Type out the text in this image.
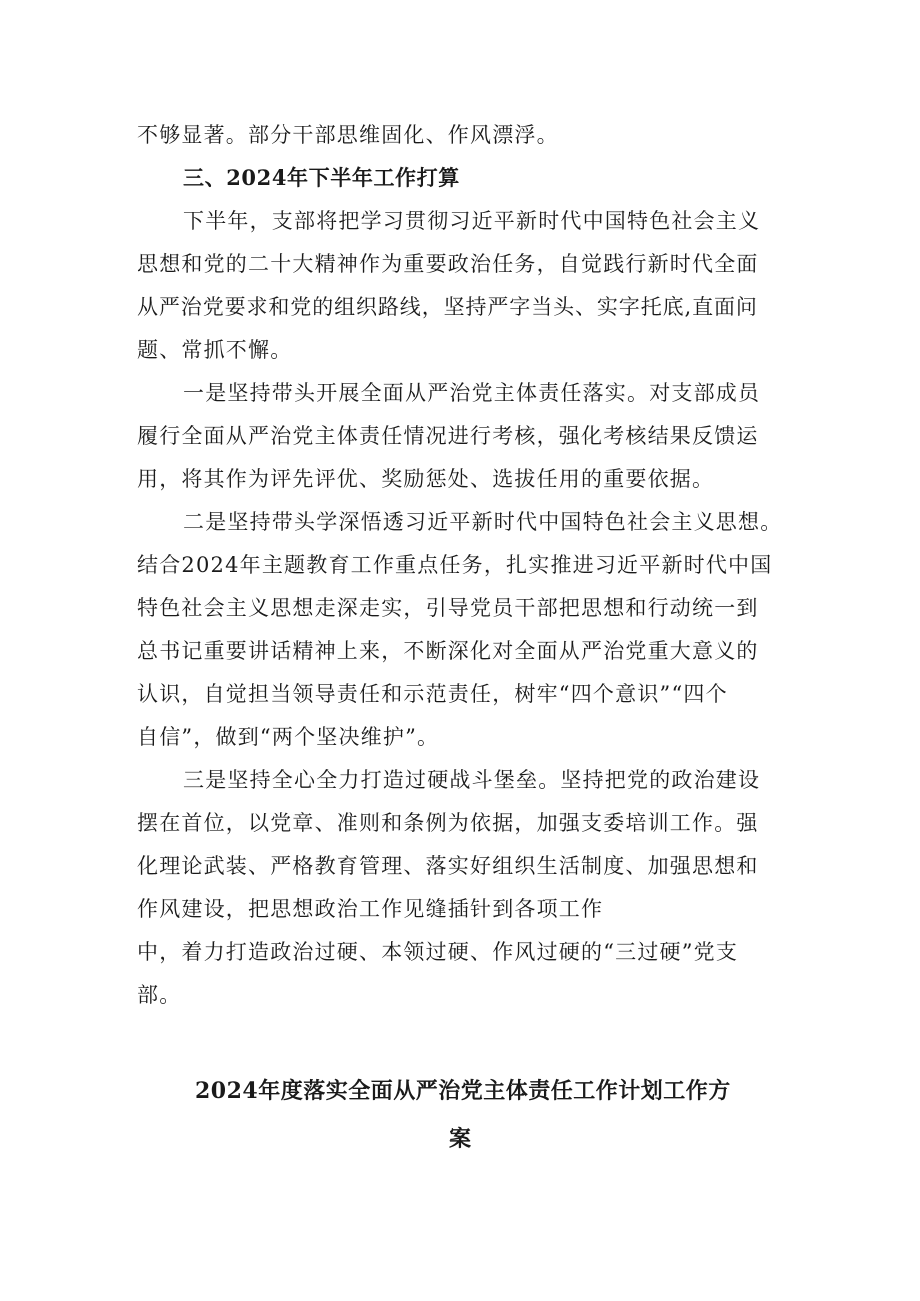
不够显著。部分干部思维固化、作风漂浮。

三、2024年下半年工作打算

下半年，支部将把学习贯彻习近平新时代中国特色社会主义

思想和党的二十大精神作为重要政治任务，自觉践行新时代全面

从严治党要求和党的组织路线，坚持严字当头、实字托底,直面问

题、常抓不懈。

一是坚持带头开展全面从严治党主体责任落实。对支部成员

履行全面从严治党主体责任情况进行考核，强化考核结果反馈运

用，将其作为评先评优、奖励惩处、选拔任用的重要依据。

二是坚持带头学深悟透习近平新时代中国特色社会主义思想。

结合2024年主题教育工作重点任务，扎实推进习近平新时代中国

特色社会主义思想走深走实，引导党员干部把思想和行动统一到

总书记重要讲话精神上来，不断深化对全面从严治党重大意义的

认识，自觉担当领导责任和示范责任，树牢“四个意识”“四个

自信”，做到“两个坚决维护”。

三是坚持全心全力打造过硬战斗堡垒。坚持把党的政治建设

摆在首位，以党章、准则和条例为依据，加强支委培训工作。强

化理论武装、严格教育管理、落实好组织生活制度、加强思想和

作风建设，把思想政治工作见缝插针到各项工作

中，着力打造政治过硬、本领过硬、作风过硬的“三过硬”党支

部。

2024年度落实全面从严治党主体责任工作计划工作方
案
